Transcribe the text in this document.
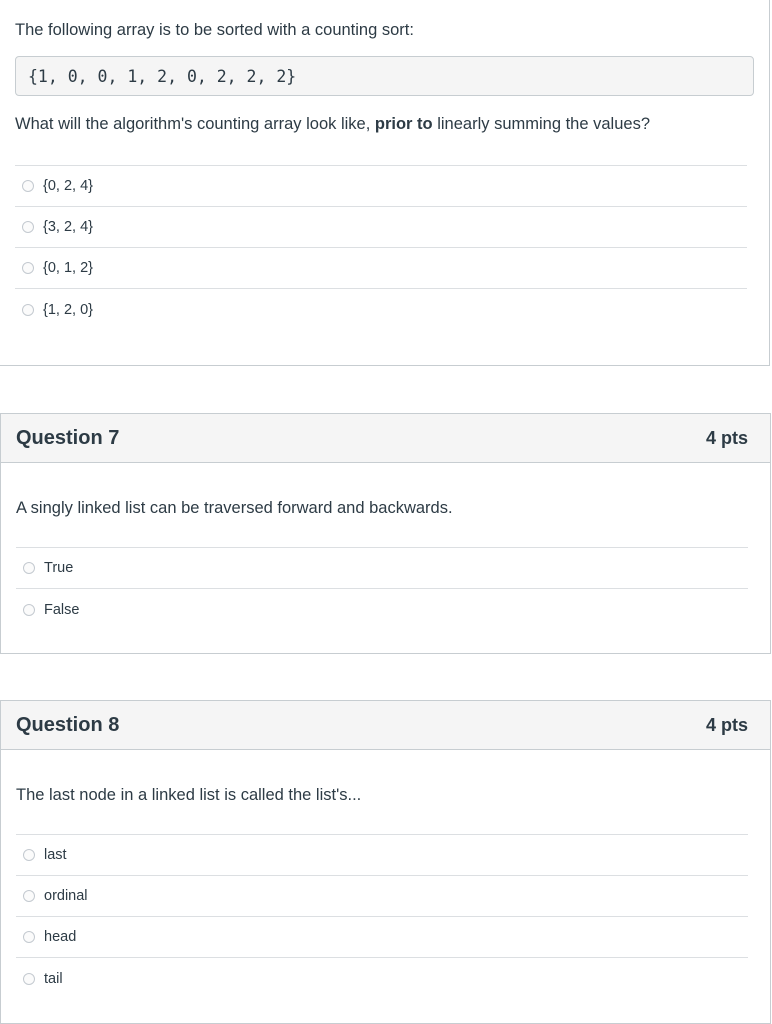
The following array is to be sorted with a counting sort:
{1, 0, 0, 1, 2, 0, 2, 2, 2}
What will the algorithm's counting array look like, prior to linearly summing the values?
{0, 2, 4}
{3, 2, 4}
{0, 1, 2}
{1, 2, 0}
Question 7	4 pts
A singly linked list can be traversed forward and backwards.
True
False
Question 8	4 pts
The last node in a linked list is called the list's...
last
ordinal
head
tail
